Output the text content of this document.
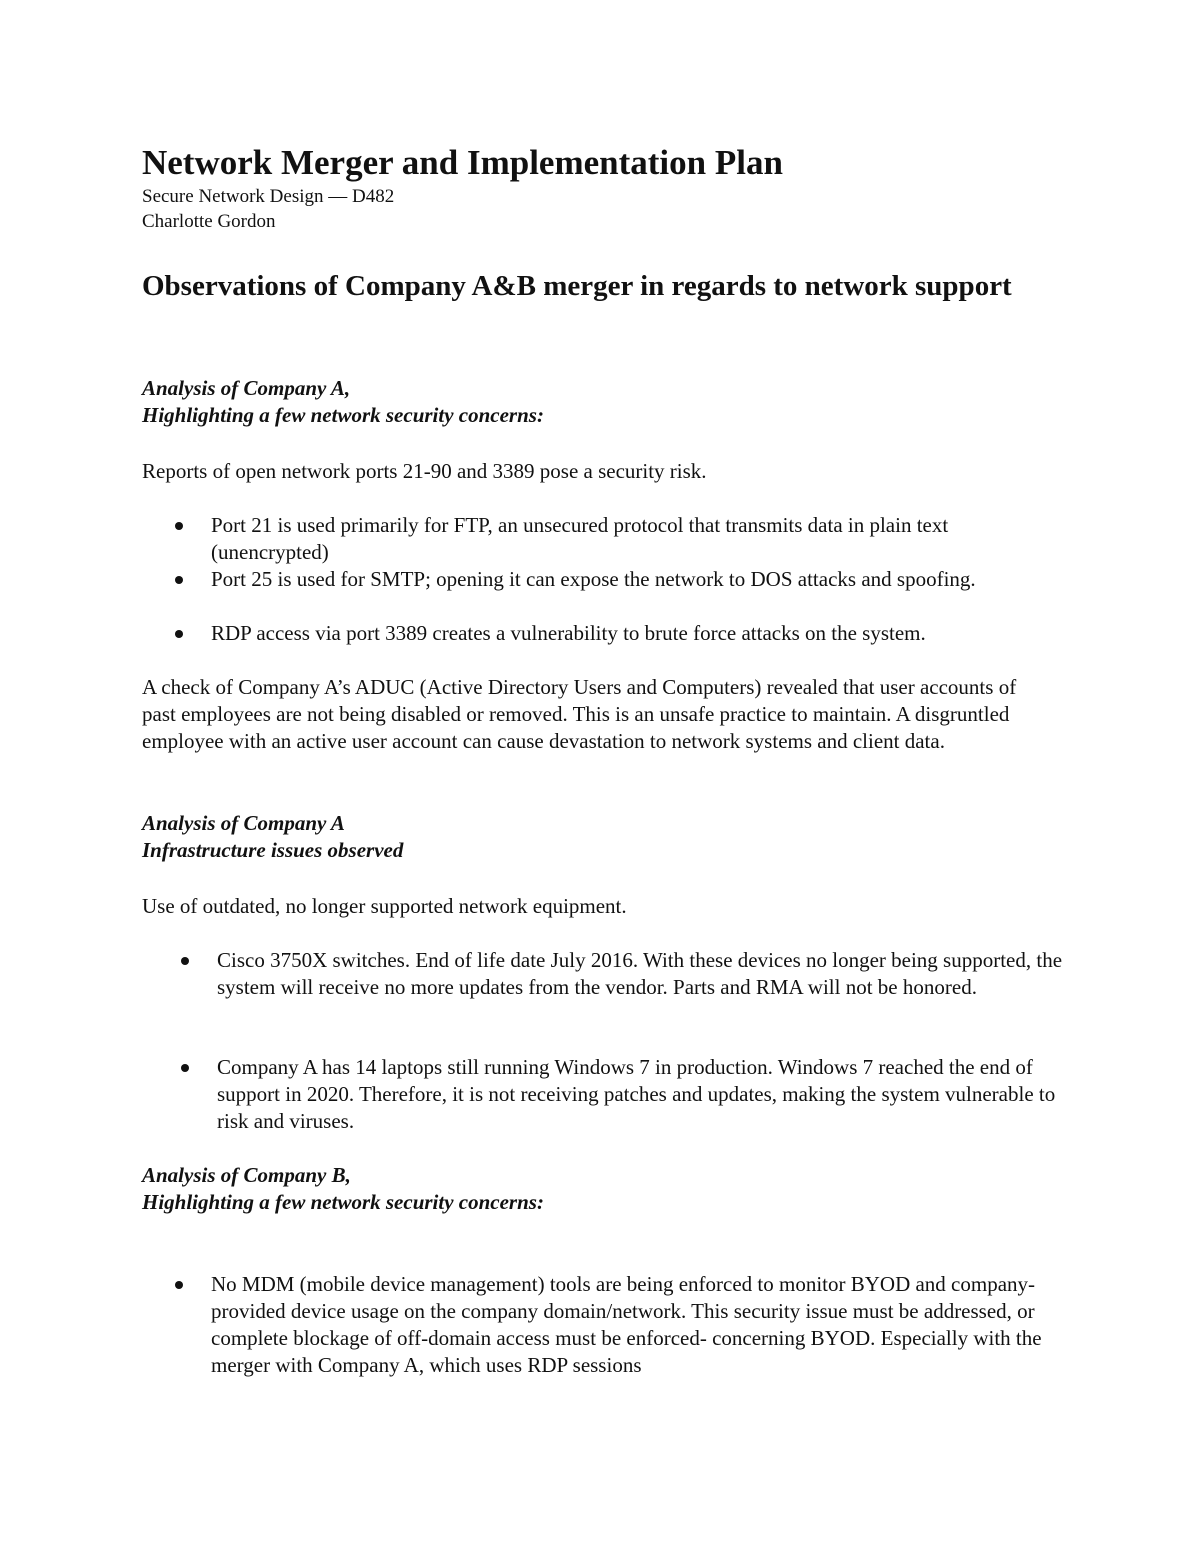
Network Merger and Implementation Plan

Secure Network Design — D482

Charlotte Gordon

Observations of Company A&B merger in regards to network support

Analysis of Company A,

Highlighting a few network security concerns:

Reports of open network ports 21-90 and 3389 pose a security risk.

Port 21 is used primarily for FTP, an unsecured protocol that transmits data in plain text (unencrypted)

Port 25 is used for SMTP; opening it can expose the network to DOS attacks and spoofing.

RDP access via port 3389 creates a vulnerability to brute force attacks on the system.

A check of Company A’s ADUC (Active Directory Users and Computers) revealed that user accounts of past employees are not being disabled or removed. This is an unsafe practice to maintain. A disgruntled employee with an active user account can cause devastation to network systems and client data.

Analysis of Company A

Infrastructure issues observed

Use of outdated, no longer supported network equipment.

Cisco 3750X switches. End of life date July 2016. With these devices no longer being supported, the system will receive no more updates from the vendor. Parts and RMA will not be honored.

Company A has 14 laptops still running Windows 7 in production. Windows 7 reached the end of support in 2020. Therefore, it is not receiving patches and updates, making the system vulnerable to risk and viruses.

Analysis of Company B,

Highlighting a few network security concerns:

No MDM (mobile device management) tools are being enforced to monitor BYOD and company-provided device usage on the company domain/network. This security issue must be addressed, or complete blockage of off-domain access must be enforced- concerning BYOD. Especially with the merger with Company A, which uses RDP sessions
